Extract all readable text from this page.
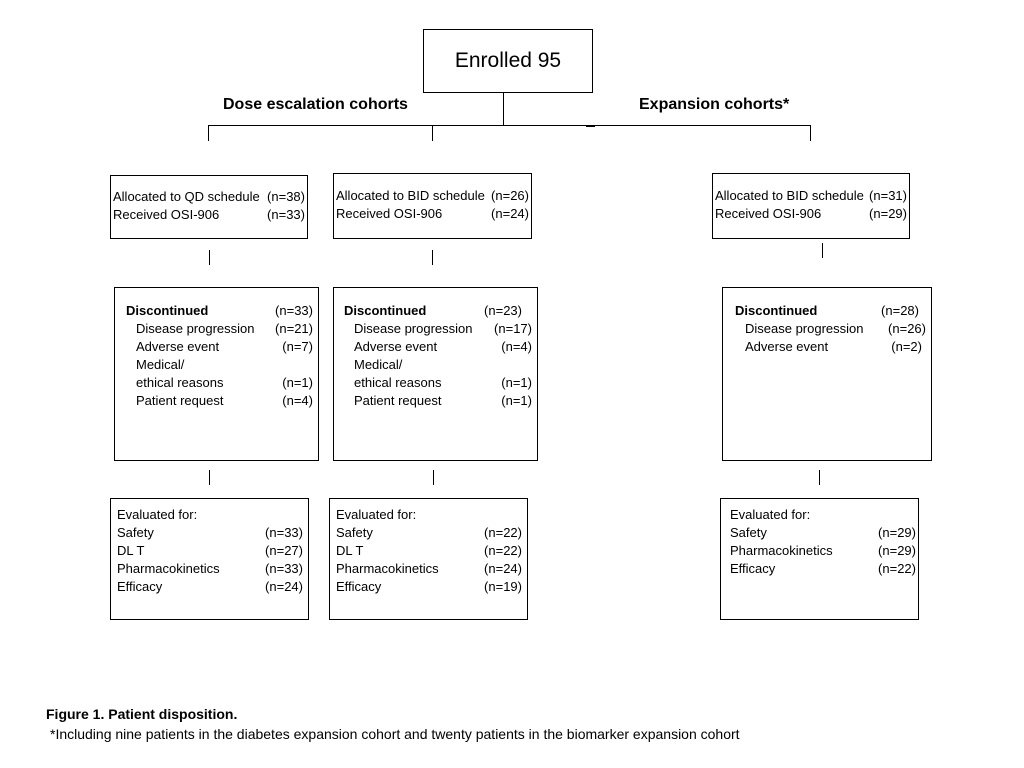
Enrolled 95
Dose escalation cohorts	Expansion cohorts*
Allocated to QD schedule (n=38)
Received OSI-906	(n=33)
Allocated to BID schedule (n=26)
Received OSI-906	(n=24)
Allocated to BID schedule (n=31)
Received OSI-906	(n=29)
Discontinued	(n=33)
Disease progression (n=21)
Adverse event	(n=7)
Medical/
ethical reasons	(n=1)
Patient request	(n=4)
Discontinued	(n=23)
Disease progression (n=17)
Adverse event	(n=4)
Medical/
ethical reasons	(n=1)
Patient request	(n=1)
Discontinued	(n=28)
Disease progression (n=26)
Adverse event	(n=2)
Evaluated for:
Safety	(n=33)
DL T	(n=27)
Pharmacokinetics	(n=33)
Efficacy	(n=24)
Evaluated for:
Safety	(n=22)
DL T	(n=22)
Pharmacokinetics	(n=24)
Efficacy	(n=19)
Evaluated for:
Safety	(n=29)
Pharmacokinetics	(n=29)
Efficacy	(n=22)
Figure 1. Patient disposition.
*Including nine patients in the diabetes expansion cohort and twenty patients in the biomarker expansion cohort
